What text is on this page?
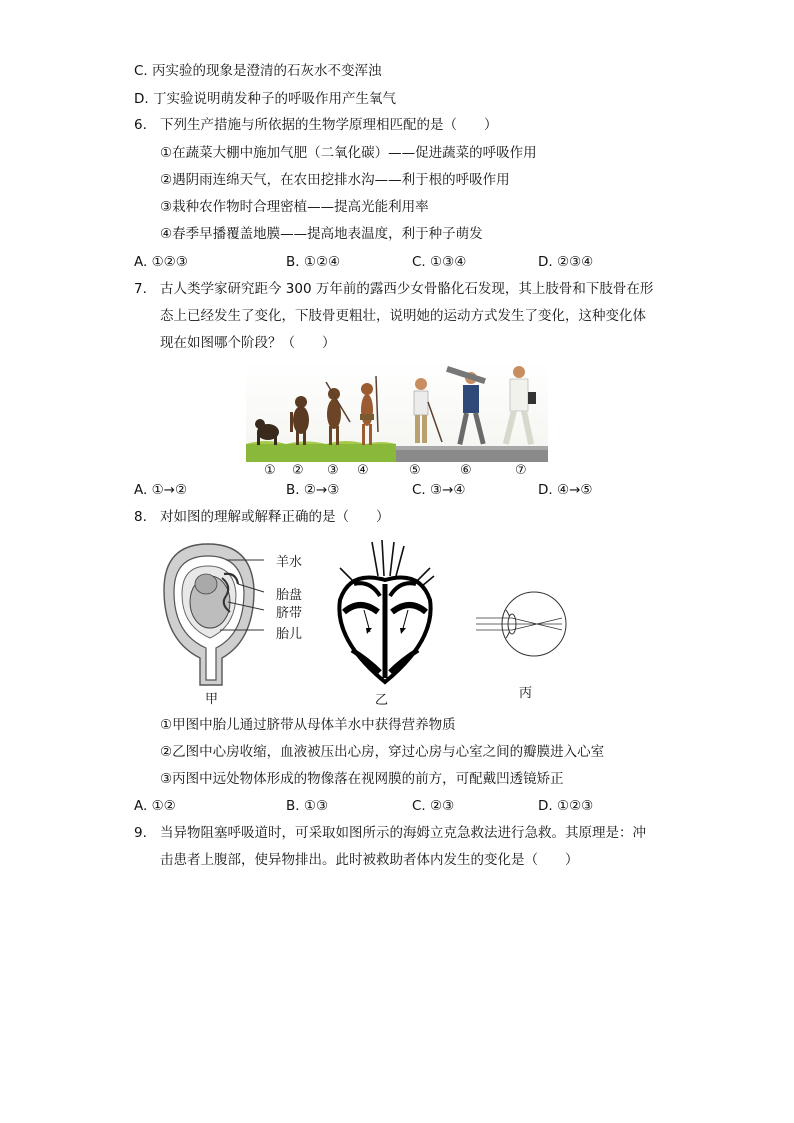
C. 丙实验的现象是澄清的石灰水不变浑浊
D. 丁实验说明萌发种子的呼吸作用产生氧气
6. 下列生产措施与所依据的生物学原理相匹配的是（　　）
①在蔬菜大棚中施加气肥（二氧化碳）——促进蔬菜的呼吸作用
②遇阴雨连绵天气，在农田挖排水沟——利于根的呼吸作用
③栽种农作物时合理密植——提高光能利用率
④春季早播覆盖地膜——提高地表温度，利于种子萌发
A. ①②③	B. ①②④	C. ①③④	D. ②③④
7. 古人类学家研究距今 300 万年前的露西少女骨骼化石发现，其上肢骨和下肢骨在形
态上已经发生了变化，下肢骨更粗壮，说明她的运动方式发生了变化，这种变化体
现在如图哪个阶段？（　　）
① ② ③ ④	⑤	⑥	⑦
A. ①→②	B. ②→③	C. ③→④	D. ④→⑤
8. 对如图的理解或解释正确的是（　　）
羊水
胎盘
脐带
胎儿
甲	乙	丙
①甲图中胎儿通过脐带从母体羊水中获得营养物质
②乙图中心房收缩，血液被压出心房，穿过心房与心室之间的瓣膜进入心室
③丙图中远处物体形成的物像落在视网膜的前方，可配戴凹透镜矫正
A. ①②	B. ①③	C. ②③	D. ①②③
9. 当异物阻塞呼吸道时，可采取如图所示的海姆立克急救法进行急救。其原理是：冲
击患者上腹部，使异物排出。此时被救助者体内发生的变化是（　　）
